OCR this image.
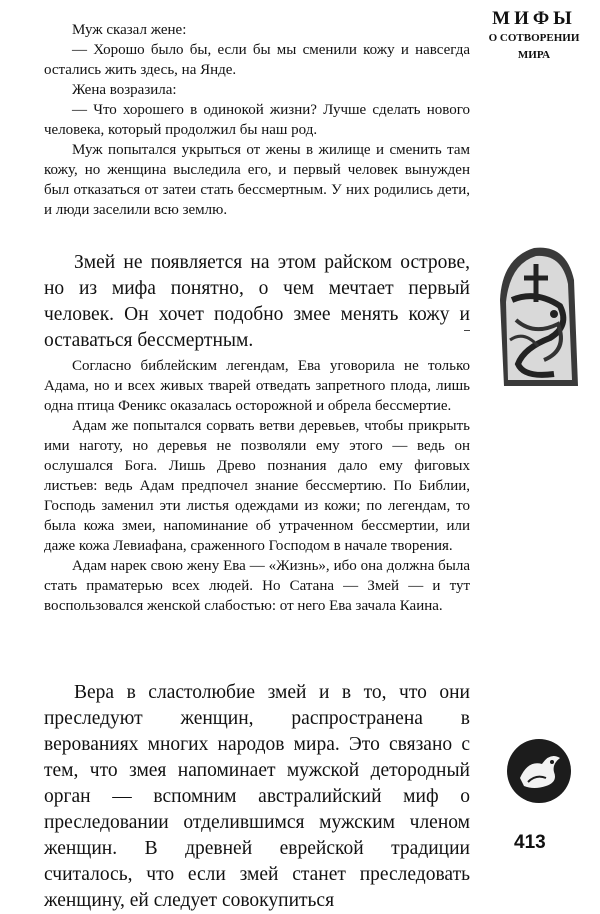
МИФЫ
О СОТВОРЕНИИ
МИРА

Муж сказал жене:

— Хорошо было бы, если бы мы сменили кожу и навсегда остались жить здесь, на Янде.

Жена возразила:

— Что хорошего в одинокой жизни? Лучше сделать нового человека, который продолжил бы наш род.

Муж попытался укрыться от жены в жилище и сменить там кожу, но женщина выследила его, и первый человек вынужден был отказаться от затеи стать бессмертным. У них родились дети, и люди заселили всю землю.

Змей не появляется на этом райском острове, но из мифа понятно, о чем мечтает первый человек. Он хочет подобно змее менять кожу и оставаться бессмертным.

Согласно библейским легендам, Ева уговорила не только Адама, но и всех живых тварей отведать запретного плода, лишь одна птица Феникс оказалась осторожной и обрела бессмертие.

Адам же попытался сорвать ветви деревьев, чтобы прикрыть ими наготу, но деревья не позволяли ему этого — ведь он ослушался Бога. Лишь Древо познания дало ему фиговых листьев: ведь Адам предпочел знание бессмертию. По Библии, Господь заменил эти листья одеждами из кожи; по легендам, то была кожа змеи, напоминание об утраченном бессмертии, или даже кожа Левиафана, сраженного Господом в начале творения.

Адам нарек свою жену Ева — «Жизнь», ибо она должна была стать праматерью всех людей. Но Сатана — Змей — и тут воспользовался женской слабостью: от него Ева зачала Каина.

Вера в сластолюбие змей и в то, что они преследуют женщин, распространена в верованиях многих народов мира. Это связано с тем, что змея напоминает мужской детородный орган — вспомним австралийский миф о преследовании отделившимся мужским членом женщин. В древней еврейской традиции считалось, что если змей станет преследовать женщину, ей следует совокупиться

413
